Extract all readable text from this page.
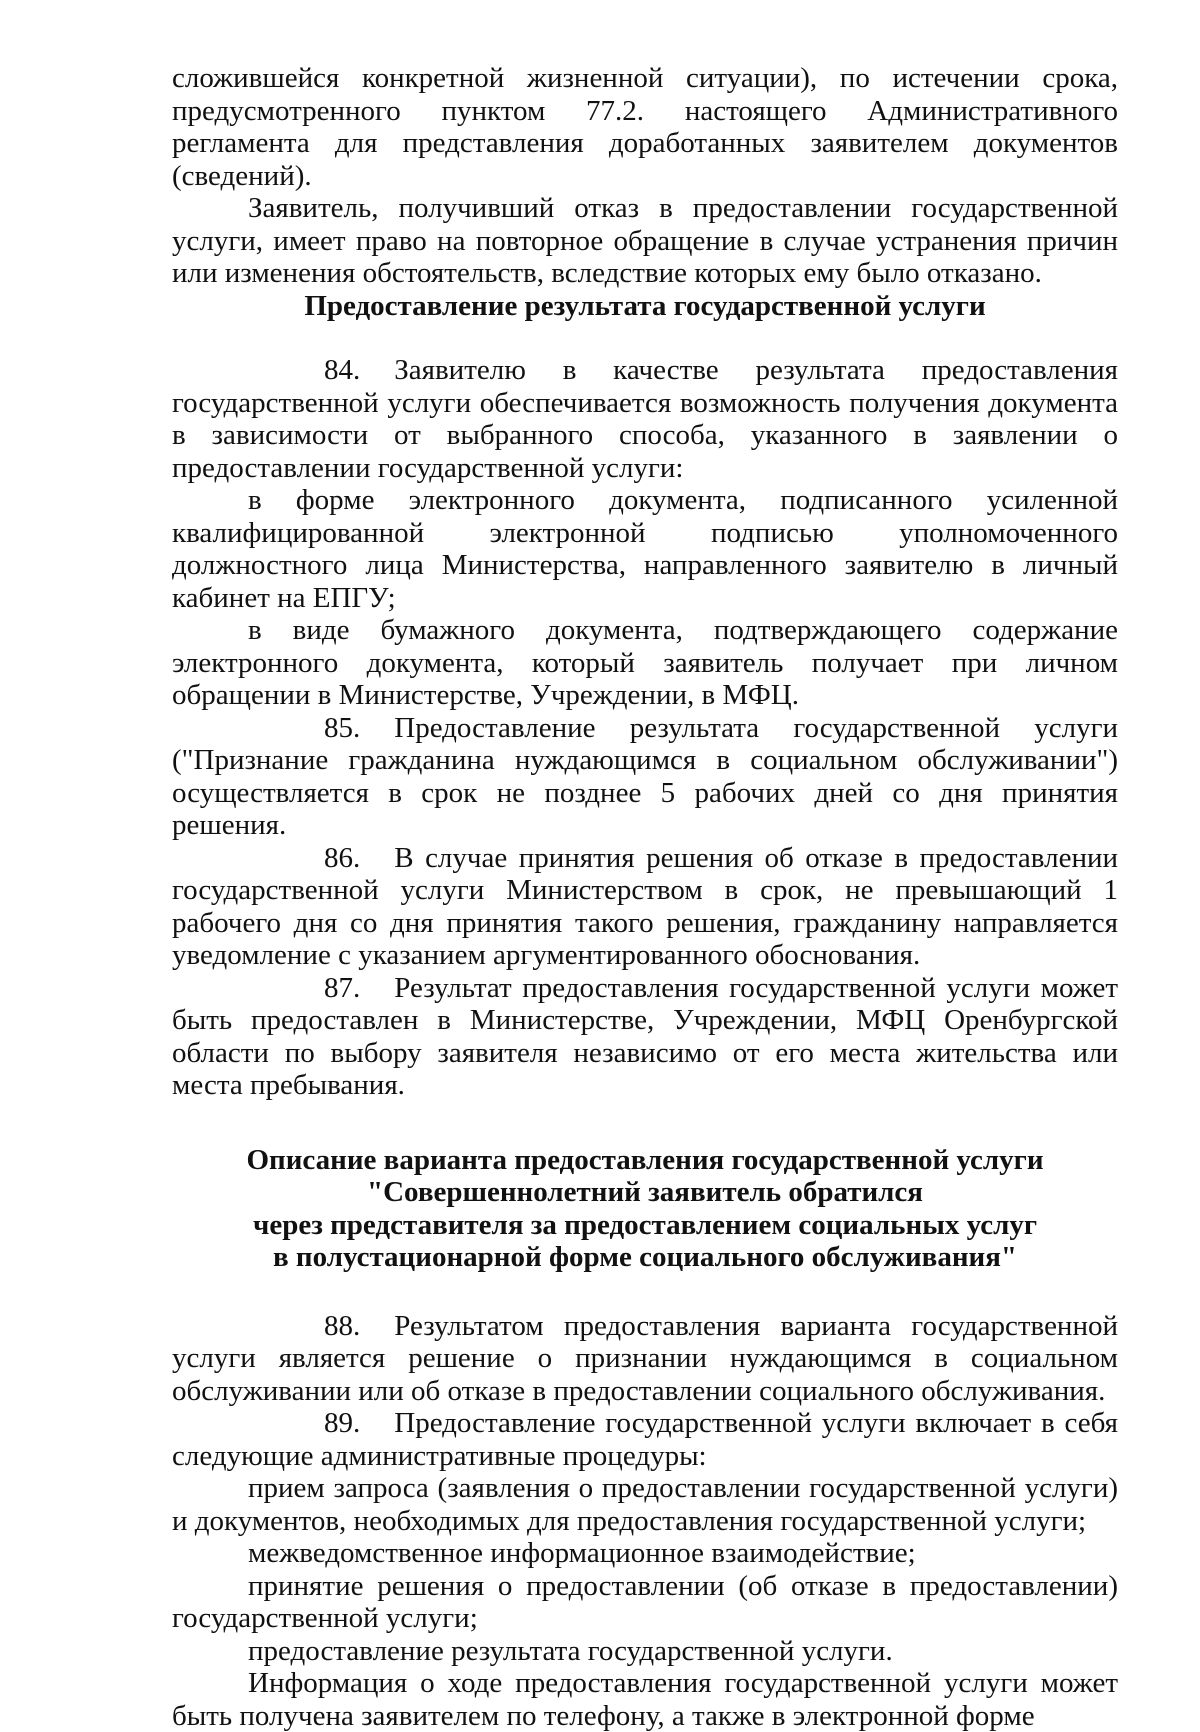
сложившейся конкретной жизненной ситуации), по истечении срока, предусмотренного пунктом 77.2. настоящего Административного регламента для представления доработанных заявителем документов (сведений).

Заявитель, получивший отказ в предоставлении государственной услуги, имеет право на повторное обращение в случае устранения причин или изменения обстоятельств, вследствие которых ему было отказано.

Предоставление результата государственной услуги

84. Заявителю в качестве результата предоставления государственной услуги обеспечивается возможность получения документа в зависимости от выбранного способа, указанного в заявлении о предоставлении государственной услуги:

в форме электронного документа, подписанного усиленной квалифицированной электронной подписью уполномоченного должностного лица Министерства, направленного заявителю в личный кабинет на ЕПГУ;

в виде бумажного документа, подтверждающего содержание электронного документа, который заявитель получает при личном обращении в Министерстве, Учреждении, в МФЦ.

85. Предоставление результата государственной услуги ("Признание гражданина нуждающимся в социальном обслуживании") осуществляется в срок не позднее 5 рабочих дней со дня принятия решения.

86. В случае принятия решения об отказе в предоставлении государственной услуги Министерством в срок, не превышающий 1 рабочего дня со дня принятия такого решения, гражданину направляется уведомление с указанием аргументированного обоснования.

87. Результат предоставления государственной услуги может быть предоставлен в Министерстве, Учреждении, МФЦ Оренбургской области по выбору заявителя независимо от его места жительства или места пребывания.

Описание варианта предоставления государственной услуги

"Совершеннолетний заявитель обратился

через представителя за предоставлением социальных услуг

в полустационарной форме социального обслуживания"

88. Результатом предоставления варианта государственной услуги является решение о признании нуждающимся в социальном обслуживании или об отказе в предоставлении социального обслуживания.

89. Предоставление государственной услуги включает в себя следующие административные процедуры:

прием запроса (заявления о предоставлении государственной услуги) и документов, необходимых для предоставления государственной услуги;

межведомственное информационное взаимодействие;

принятие решения о предоставлении (об отказе в предоставлении) государственной услуги;

предоставление результата государственной услуги.

Информация о ходе предоставления государственной услуги может быть получена заявителем по телефону, а также в электронной форме
